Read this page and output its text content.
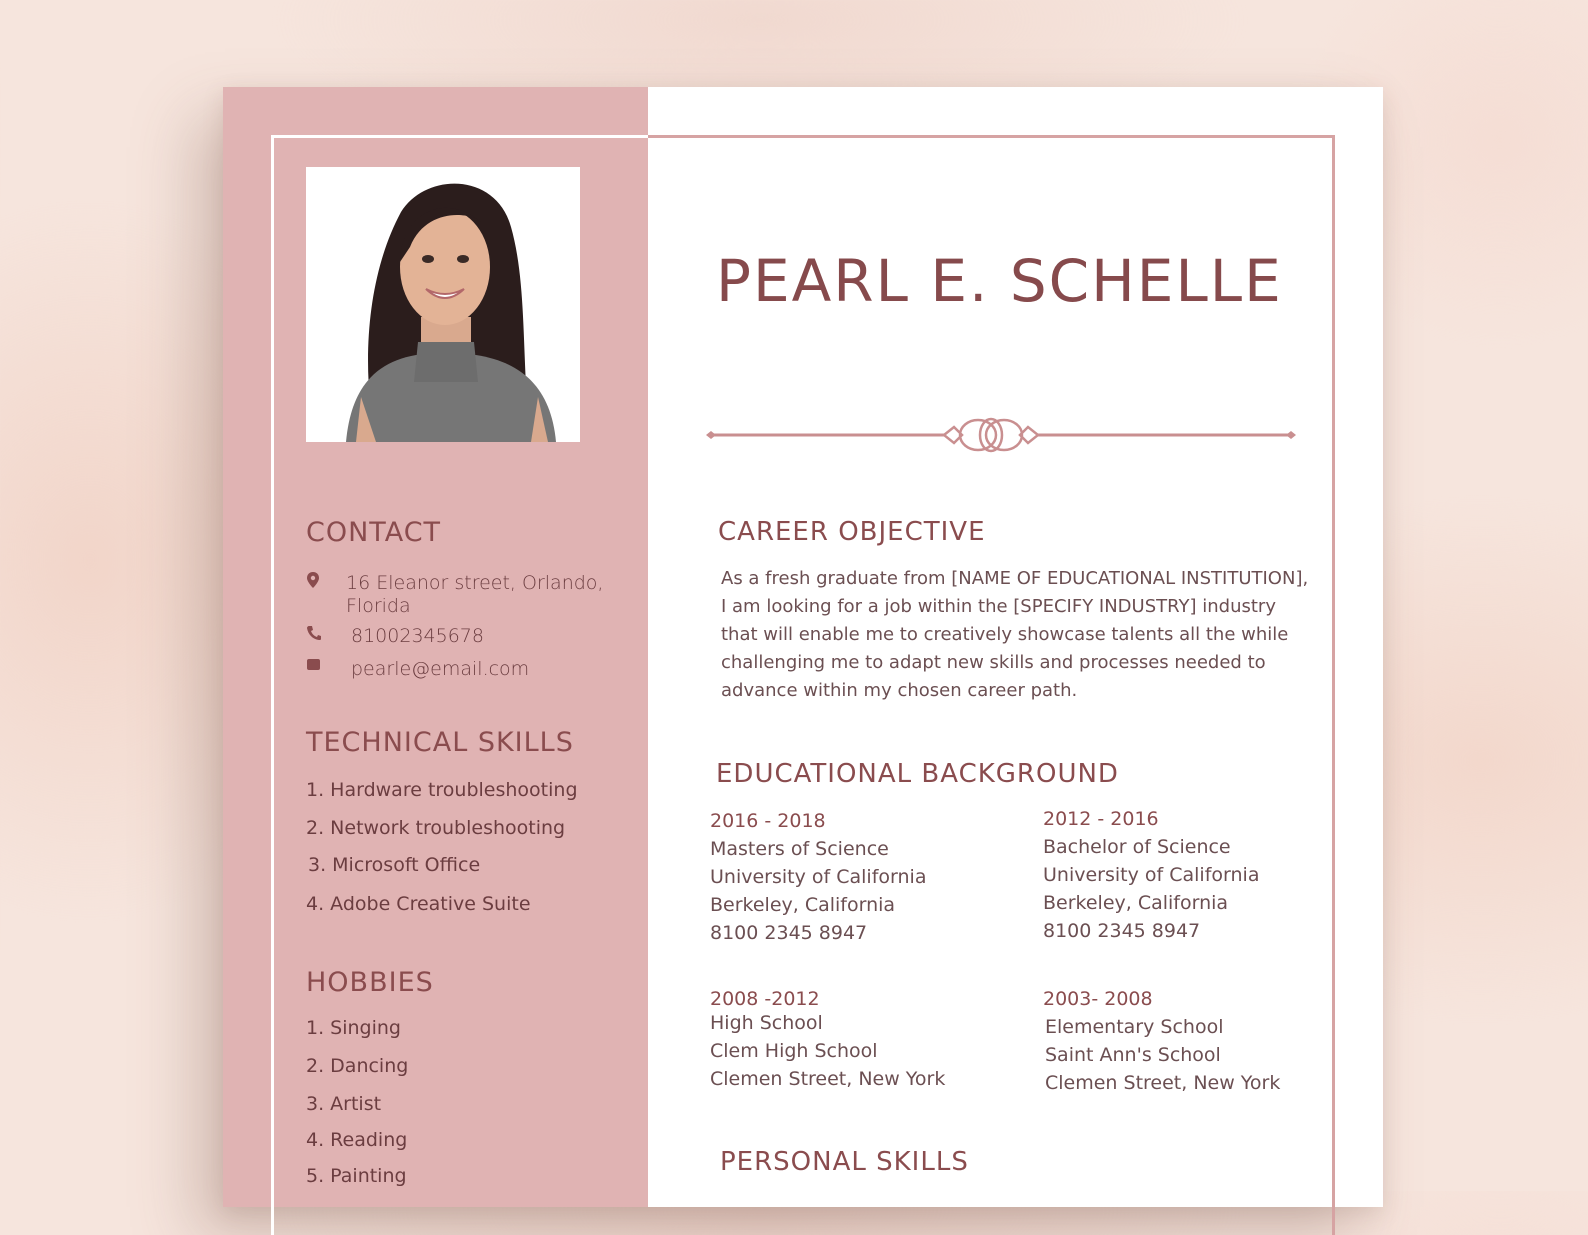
CONTACT
16 Eleanor street, Orlando, Florida
81002345678
pearle@email.com
TECHNICAL SKILLS
1. Hardware troubleshooting
2. Network troubleshooting
3. Microsoft Office
4. Adobe Creative Suite
HOBBIES
1. Singing
2. Dancing
3. Artist
4. Reading
5. Painting
PEARL E. SCHELLE
CAREER OBJECTIVE

As a fresh graduate from [NAME OF EDUCATIONAL INSTITUTION], I am looking for a job within the [SPECIFY INDUSTRY] industry that will enable me to creatively showcase talents all the while challenging me to adapt new skills and processes needed to advance within my chosen career path.

EDUCATIONAL BACKGROUND
2016 - 2018
Masters of Science
University of California
Berkeley, California
8100 2345 8947
2012 - 2016
Bachelor of Science
University of California
Berkeley, California
8100 2345 8947
2008 -2012
High School
Clem High School
Clemen Street, New York
2003- 2008
Elementary School
Saint Ann's School
Clemen Street, New York
PERSONAL SKILLS
